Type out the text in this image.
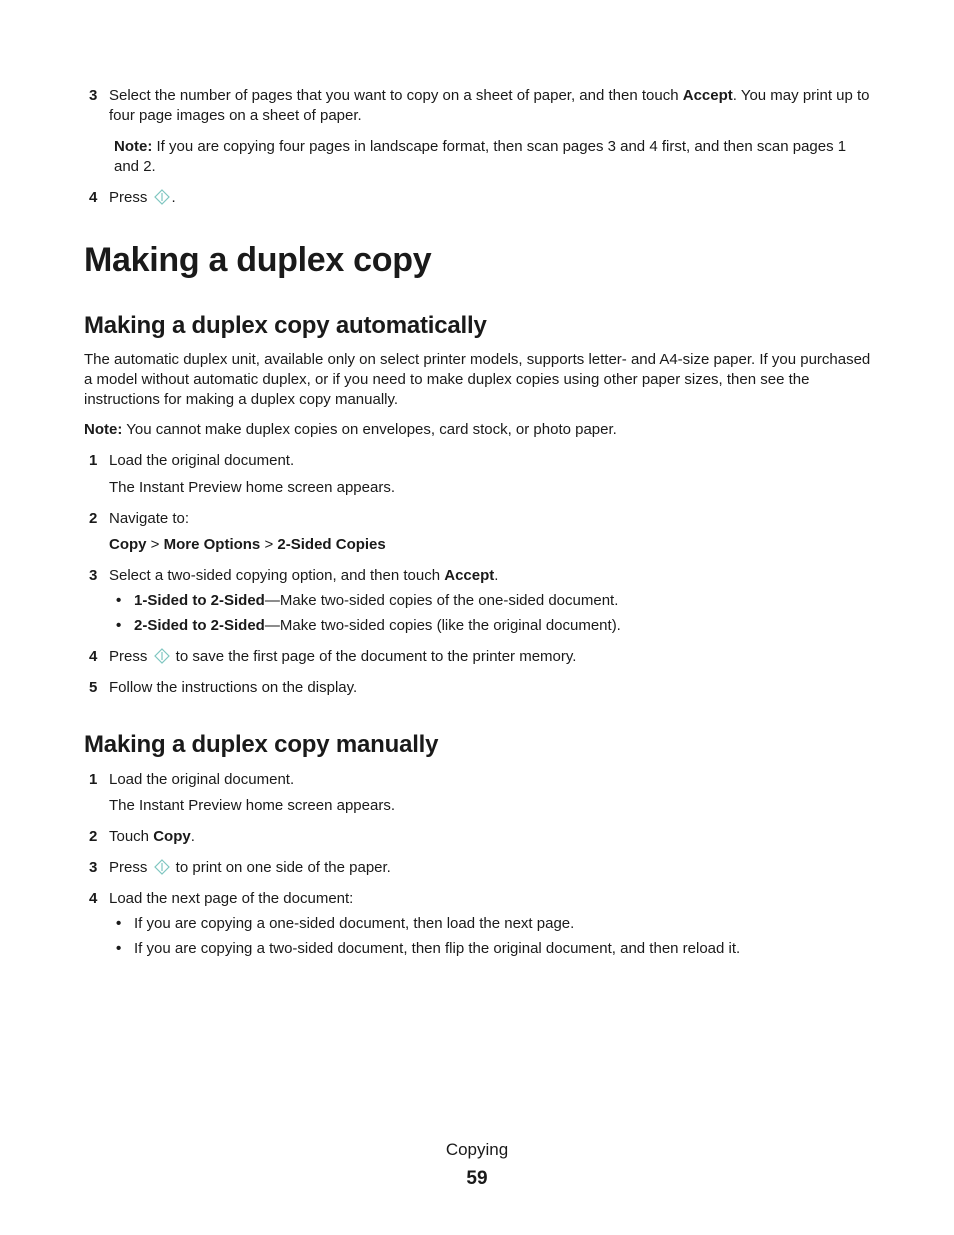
3 Select the number of pages that you want to copy on a sheet of paper, and then touch Accept. You may print up to four page images on a sheet of paper.
Note: If you are copying four pages in landscape format, then scan pages 3 and 4 first, and then scan pages 1 and 2.
4 Press .
Making a duplex copy
Making a duplex copy automatically
The automatic duplex unit, available only on select printer models, supports letter- and A4-size paper. If you purchased a model without automatic duplex, or if you need to make duplex copies using other paper sizes, then see the instructions for making a duplex copy manually.
Note: You cannot make duplex copies on envelopes, card stock, or photo paper.
1 Load the original document.
The Instant Preview home screen appears.
2 Navigate to:
Copy > More Options > 2-Sided Copies
3 Select a two-sided copying option, and then touch Accept.
• 1-Sided to 2-Sided—Make two-sided copies of the one-sided document.
• 2-Sided to 2-Sided—Make two-sided copies (like the original document).
4 Press  to save the first page of the document to the printer memory.
5 Follow the instructions on the display.
Making a duplex copy manually
1 Load the original document.
The Instant Preview home screen appears.
2 Touch Copy.
3 Press  to print on one side of the paper.
4 Load the next page of the document:
• If you are copying a one-sided document, then load the next page.
• If you are copying a two-sided document, then flip the original document, and then reload it.
Copying
59
